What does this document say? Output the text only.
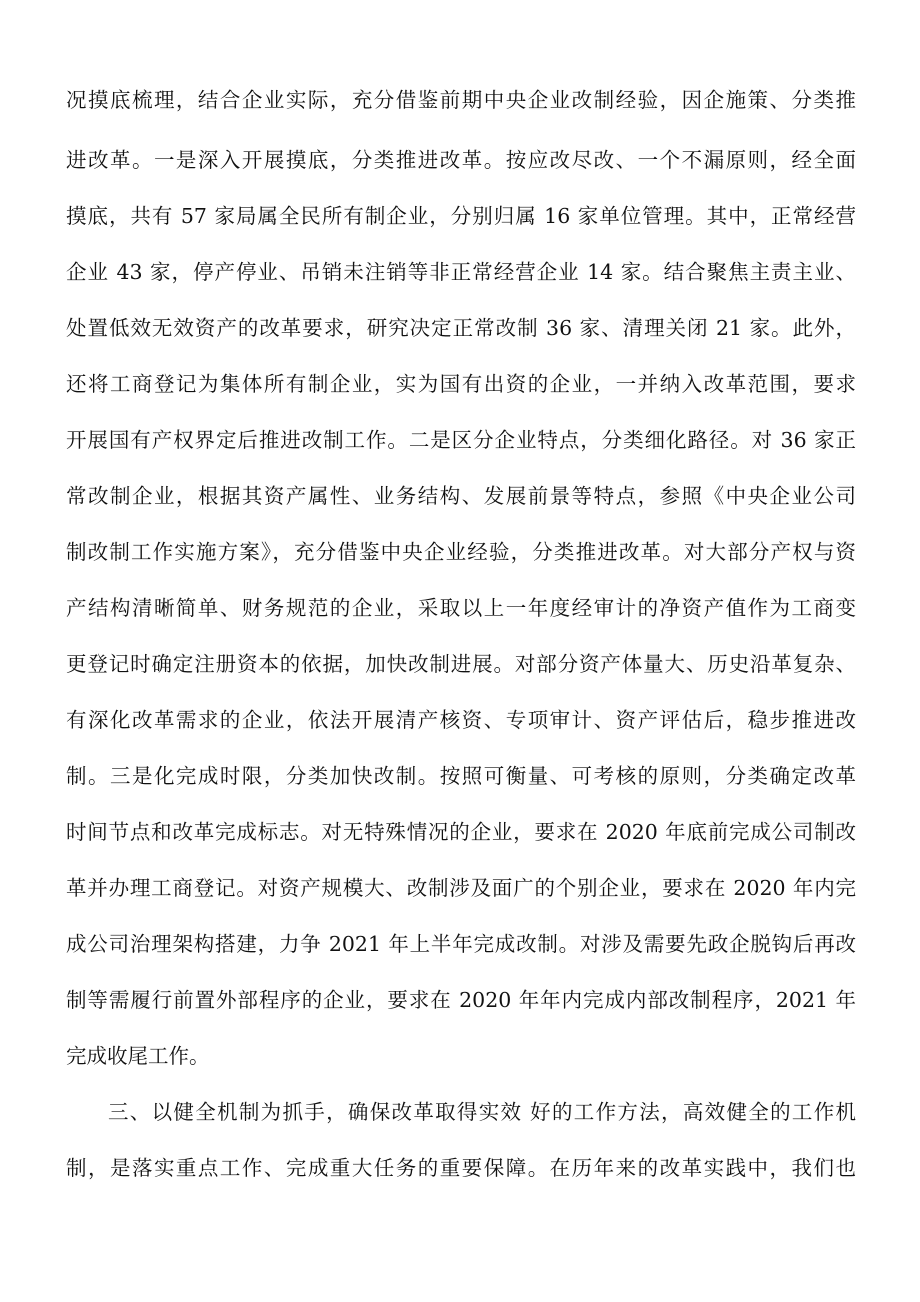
况摸底梳理，结合企业实际，充分借鉴前期中央企业改制经验，因企施策、分类推
进改革。一是深入开展摸底，分类推进改革。按应改尽改、一个不漏原则，经全面
摸底，共有 57 家局属全民所有制企业，分别归属 16 家单位管理。其中，正常经营
企业 43 家，停产停业、吊销未注销等非正常经营企业 14 家。结合聚焦主责主业、
处置低效无效资产的改革要求，研究决定正常改制 36 家、清理关闭 21 家。此外，
还将工商登记为集体所有制企业，实为国有出资的企业，一并纳入改革范围，要求
开展国有产权界定后推进改制工作。二是区分企业特点，分类细化路径。对 36 家正
常改制企业，根据其资产属性、业务结构、发展前景等特点，参照《中央企业公司
制改制工作实施方案》，充分借鉴中央企业经验，分类推进改革。对大部分产权与资
产结构清晰简单、财务规范的企业，采取以上一年度经审计的净资产值作为工商变
更登记时确定注册资本的依据，加快改制进展。对部分资产体量大、历史沿革复杂、
有深化改革需求的企业，依法开展清产核资、专项审计、资产评估后，稳步推进改
制。三是化完成时限，分类加快改制。按照可衡量、可考核的原则，分类确定改革
时间节点和改革完成标志。对无特殊情况的企业，要求在 2020 年底前完成公司制改
革并办理工商登记。对资产规模大、改制涉及面广的个别企业，要求在 2020 年内完
成公司治理架构搭建，力争 2021 年上半年完成改制。对涉及需要先政企脱钩后再改
制等需履行前置外部程序的企业，要求在 2020 年年内完成内部改制程序，2021 年
完成收尾工作。
三、以健全机制为抓手，确保改革取得实效 好的工作方法，高效健全的工作机
制，是落实重点工作、完成重大任务的重要保障。在历年来的改革实践中，我们也
